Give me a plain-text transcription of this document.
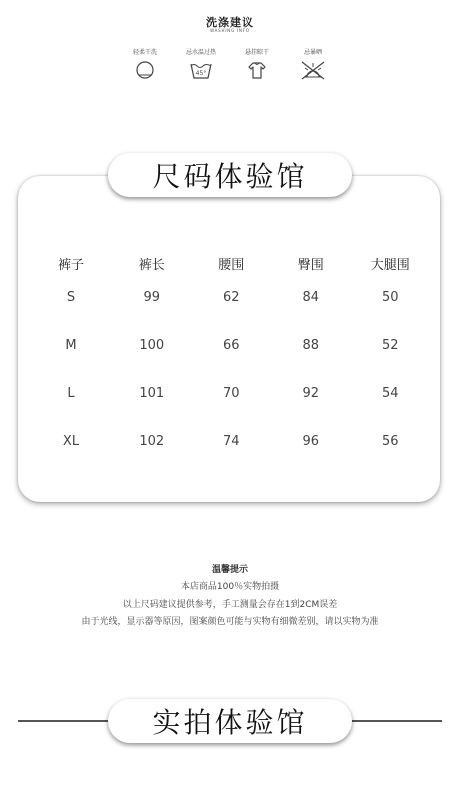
洗涤建议
WASHING INFO
轻柔干洗	忌水温过热
45°
悬挂晾干	忌暴晒
尺码体验馆
裤子	裤长	腰围	臀围	大腿围
S	99	62	84	50
M	100	66	88	52
L	101	70	92	54
XL	102	74	96	56
温馨提示
本店商品100％实物拍摄
以上尺码建议提供参考，手工测量会存在1到2CM误差
由于光线，显示器等原因，图案颜色可能与实物有细微差别，请以实物为准
实拍体验馆
